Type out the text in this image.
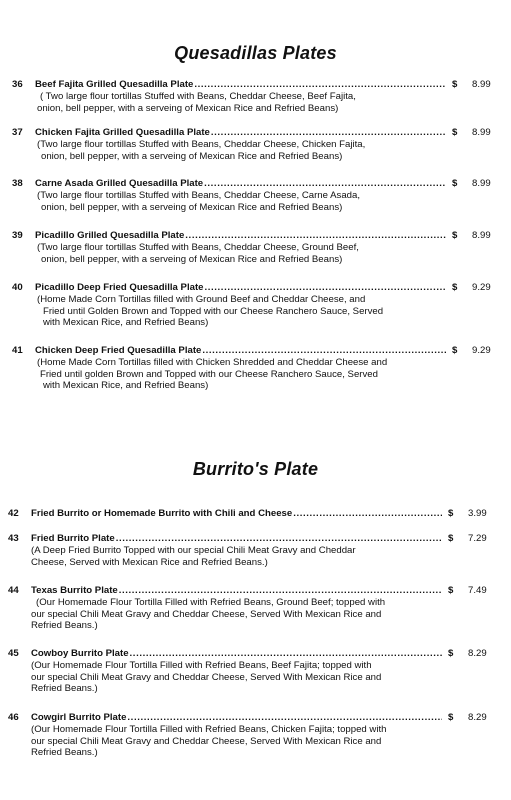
Quesadillas Plates
Burrito's Plate
36 Beef Fajita Grilled Quesadilla Plate .....	$ 8.99
( Two large flour tortillas Stuffed with Beans, Cheddar Cheese, Beef Fajita,
onion, bell pepper, with a serveing of Mexican Rice and Refried Beans)
37 Chicken Fajita Grilled Quesadilla Plate .....	$ 8.99
(Two large flour tortillas Stuffed with Beans, Cheddar Cheese, Chicken Fajita,
onion, bell pepper, with a serveing of Mexican Rice and Refried Beans)
38 Carne Asada Grilled Quesadilla Plate .....	$ 8.99
(Two large flour tortillas Stuffed with Beans, Cheddar Cheese, Carne Asada,
onion, bell pepper, with a serveing of Mexican Rice and Refried Beans)
39 Picadillo Grilled Quesadilla Plate .....	$ 8.99
(Two large flour tortillas Stuffed with Beans, Cheddar Cheese, Ground Beef,
onion, bell pepper, with a serveing of Mexican Rice and Refried Beans)
40 Picadillo Deep Fried Quesadilla Plate .....	$ 9.29
(Home Made Corn Tortillas filled with Ground Beef and Cheddar Cheese, and
Fried until Golden Brown and Topped with our Cheese Ranchero Sauce, Served
with Mexican Rice, and Refried Beans)
41 Chicken Deep Fried Quesadilla Plate .....	$ 9.29
(Home Made Corn Tortillas filled with Chicken Shredded and Cheddar Cheese and
Fried until golden Brown and Topped with our Cheese Ranchero Sauce, Served
with Mexican Rice, and Refried Beans)
42 Fried Burrito or Homemade Burrito with Chili and Cheese .....	$ 3.99
43 Fried Burrito Plate .....	$ 7.29
(A Deep Fried Burrito Topped with our special Chili Meat Gravy and Cheddar
Cheese, Served with Mexican Rice and Refried Beans.)
44 Texas Burrito Plate .....	$ 7.49
(Our Homemade Flour Tortilla Filled with Refried Beans, Ground Beef; topped with
our special Chili Meat Gravy and Cheddar Cheese, Served With Mexican Rice and
Refried Beans.)
45 Cowboy Burrito Plate .....	$ 8.29
(Our Homemade Flour Tortilla Filled with Refried Beans, Beef Fajita; topped with
our special Chili Meat Gravy and Cheddar Cheese, Served With Mexican Rice and
Refried Beans.)
46 Cowgirl Burrito Plate .....	$ 8.29
(Our Homemade Flour Tortilla Filled with Refried Beans, Chicken Fajita; topped with
our special Chili Meat Gravy and Cheddar Cheese, Served With Mexican Rice and
Refried Beans.)
